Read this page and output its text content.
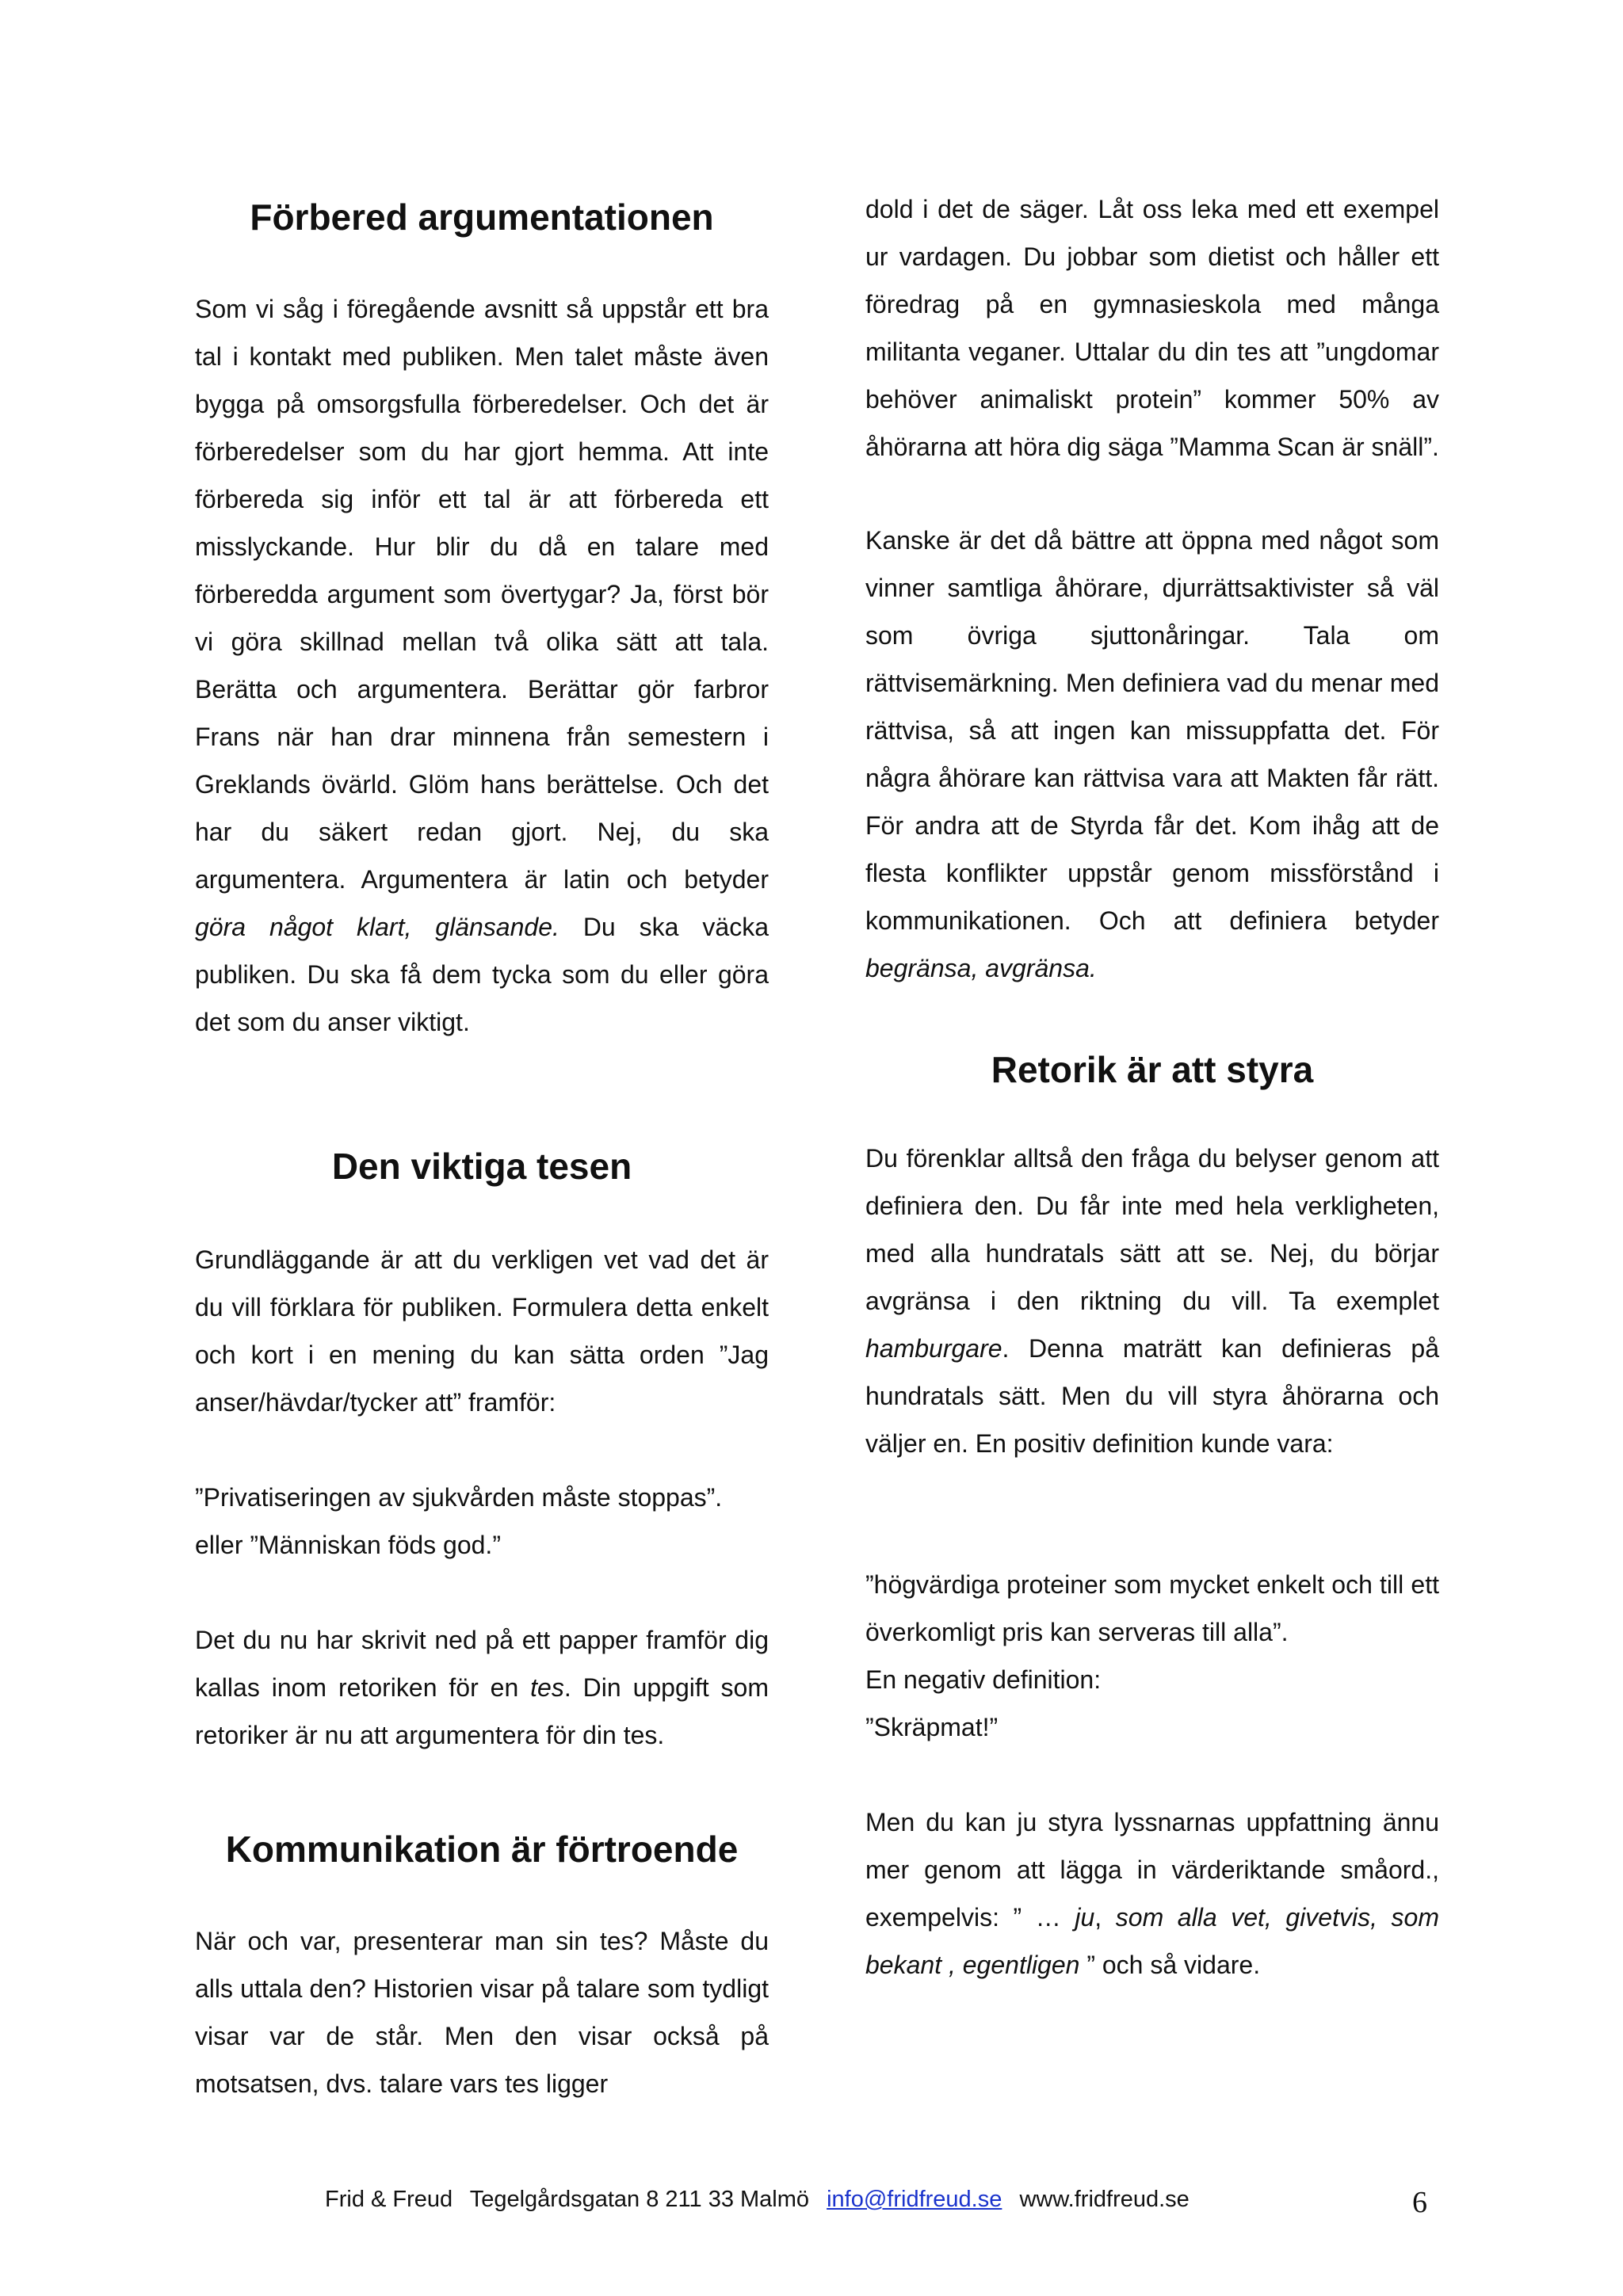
Förbered argumentationen

Som vi såg i föregående avsnitt så uppstår ett bra tal i kontakt med publiken. Men talet måste även bygga på omsorgsfulla förberedelser. Och det är förberedelser som du har gjort hemma. Att inte förbereda sig inför ett tal är att förbereda ett misslyckande. Hur blir du då en talare med förberedda argument som övertygar? Ja, först bör vi göra skillnad mellan två olika sätt att tala. Berätta och argumentera. Berättar gör farbror Frans när han drar minnena från semestern i Greklands övärld. Glöm hans berättelse. Och det har du säkert redan gjort. Nej, du ska argumentera. Argumentera är latin och betyder göra något klart, glänsande. Du ska väcka publiken. Du ska få dem tycka som du eller göra det som du anser viktigt.

Den viktiga tesen

Grundläggande är att du verkligen vet vad det är du vill förklara för publiken. Formulera detta enkelt och kort i en mening du kan sätta orden ”Jag anser/hävdar/tycker att” framför:

”Privatiseringen av sjukvården måste stoppas”.
eller ”Människan föds god.”

Det du nu har skrivit ned på ett papper framför dig kallas inom retoriken för en tes. Din uppgift som retoriker är nu att argumentera för din tes.

Kommunikation är förtroende

När och var, presenterar man sin tes? Måste du alls uttala den? Historien visar på talare som tydligt visar var de står. Men den visar också på motsatsen, dvs. talare vars tes ligger

dold i det de säger. Låt oss leka med ett exempel ur vardagen. Du jobbar som dietist och håller ett föredrag på en gymnasieskola med många militanta veganer. Uttalar du din tes att ”ungdomar behöver animaliskt protein” kommer 50% av åhörarna att höra dig säga ”Mamma Scan är snäll”.

Kanske är det då bättre att öppna med något som vinner samtliga åhörare, djurrättsaktivister så väl som övriga sjuttonåringar. Tala om rättvisemärkning. Men definiera vad du menar med rättvisa, så att ingen kan missuppfatta det. För några åhörare kan rättvisa vara att Makten får rätt. För andra att de Styrda får det. Kom ihåg att de flesta konflikter uppstår genom missförstånd i kommunikationen. Och att definiera betyder begränsa, avgränsa.

Retorik är att styra

Du förenklar alltså den fråga du belyser genom att definiera den. Du får inte med hela verkligheten, med alla hundratals sätt att se. Nej, du börjar avgränsa i den riktning du vill. Ta exemplet hamburgare. Denna maträtt kan definieras på hundratals sätt. Men du vill styra åhörarna och väljer en. En positiv definition kunde vara:

”högvärdiga proteiner som mycket enkelt och till ett överkomligt pris kan serveras till alla”.

En negativ definition:
”Skräpmat!”

Men du kan ju styra lyssnarnas uppfattning ännu mer genom att lägga in värderiktande småord., exempelvis: ” … ju, som alla vet, givetvis, som bekant , egentligen ” och så vidare.

Frid & Freud Tegelgårdsgatan 8 211 33 Malmö info@fridfreud.se www.fridfreud.se	6
